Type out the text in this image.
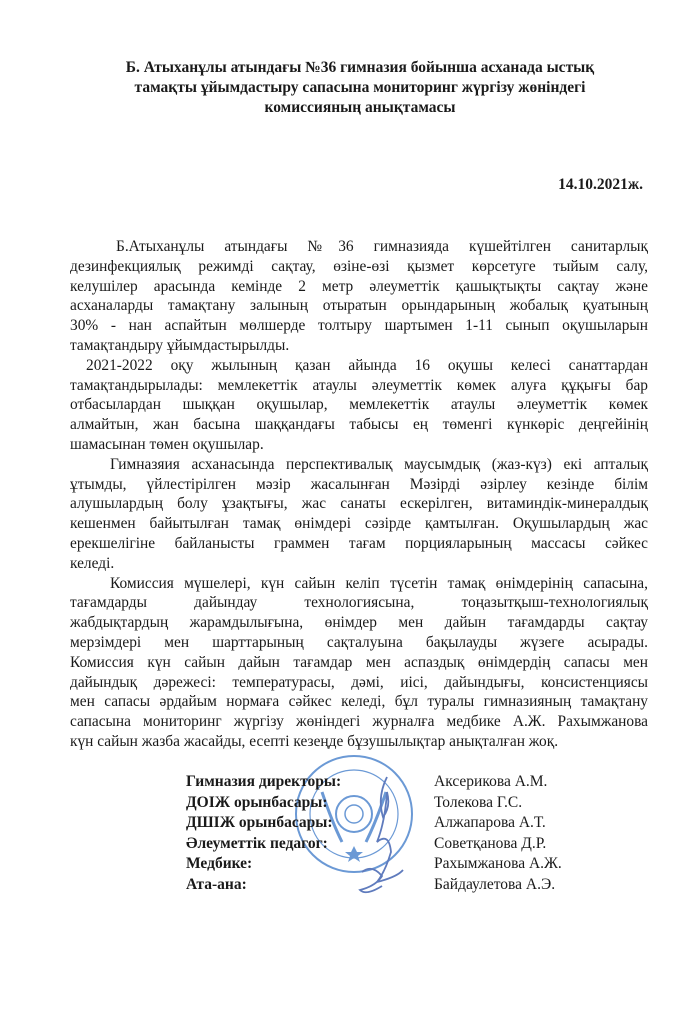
Б. Атыханұлы атындағы №36 гимназия бойынша асханада ыстық
тамақты ұйымдастыру сапасына мониторинг жүргізу жөніндегі
комиссияның анықтамасы
14.10.2021ж.
Б.Атыханұлы атындағы №36 гимназияда күшейтілген санитарлық
дезинфекциялық режимді сақтау, өзіне-өзі қызмет көрсетуге тыйым салу,
келушілер арасында кемінде 2 метр әлеуметтік қашықтықты сақтау және
асханаларды тамақтану залының отыратын орындарының жобалық қуатының
30% - нан аспайтын мөлшерде толтыру шартымен 1-11 сынып оқушыларын
тамақтандыру ұйымдастырылды.
2021-2022 оқу жылының қазан айында 16 оқушы келесі санаттардан
тамақтандырылады: мемлекеттік атаулы әлеуметтік көмек алуға құқығы бар
отбасылардан шыққан оқушылар, мемлекеттік атаулы әлеуметтік көмек
алмайтын, жан басына шаққандағы табысы ең төменгі күнкөріс деңгейінің
шамасынан төмен оқушылар.
Гимназяия асханасында перспективалық маусымдық (жаз-күз) екі апталық
ұтымды, үйлестірілген мәзір жасалынған Мәзірді әзірлеу кезінде білім
алушылардың болу ұзақтығы, жас санаты ескерілген, витаминдік-минералдық
кешенмен байытылған тамақ өнімдері сәзірде қамтылған. Оқушылардың жас
ерекшелігіне байланысты граммен тағам порцияларының массасы сәйкес
келеді.
Комиссия мүшелері, күн сайын келіп түсетін тамақ өнімдерінің сапасына,
тағамдарды дайындау технологиясына, тоңазытқыш-технологиялық
жабдықтардың жарамдылығына, өнімдер мен дайын тағамдарды сақтау
мерзімдері мен шарттарының сақталуына бақылауды жүзеге асырады.
Комиссия күн сайын дайын тағамдар мен аспаздық өнімдердің сапасы мен
дайындық дәрежесі: температурасы, дәмі, иісі, дайындығы, консистенциясы
мен сапасы әрдайым нормаға сәйкес келеді, бұл туралы гимназияның тамақтану
сапасына мониторинг жүргізу жөніндегі журналға медбике А.Ж. Рахымжанова
күн сайын жазба жасайды, есепті кезеңде бұзушылықтар анықталған жоқ.
Гимназия директоры:	Аксерикова А.М.
ДОІЖ орынбасары:	Толекова Г.С.
ДШІЖ орынбасары:	Алжапарова А.Т.
Әлеуметтік педагог:	Советқанова Д.Р.
Медбике:	Рахымжанова А.Ж.
Ата-ана:	Байдаулетова А.Э.
